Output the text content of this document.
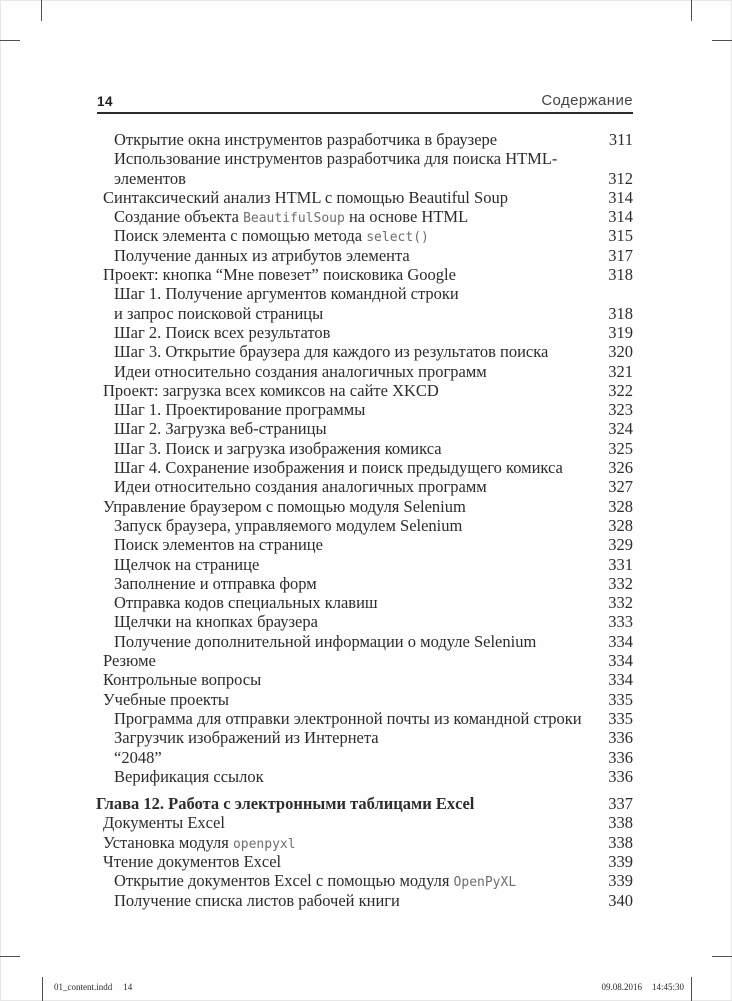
14	Содержание
Открытие окна инструментов разработчика в браузере	311
Использование инструментов разработчика для поиска HTML-
элементов	312
Синтаксический анализ HTML с помощью Beautiful Soup	314
Создание объекта BeautifulSoup на основе HTML	314
Поиск элемента с помощью метода select()	315
Получение данных из атрибутов элемента	317
Проект: кнопка “Мне повезет” поисковика Google	318
Шаг 1. Получение аргументов командной строки
и запрос поисковой страницы	318
Шаг 2. Поиск всех результатов	319
Шаг 3. Открытие браузера для каждого из результатов поиска	320
Идеи относительно создания аналогичных программ	321
Проект: загрузка всех комиксов на сайте XKCD	322
Шаг 1. Проектирование программы	323
Шаг 2. Загрузка веб-страницы	324
Шаг 3. Поиск и загрузка изображения комикса	325
Шаг 4. Сохранение изображения и поиск предыдущего комикса	326
Идеи относительно создания аналогичных программ	327
Управление браузером с помощью модуля Selenium	328
Запуск браузера, управляемого модулем Selenium	328
Поиск элементов на странице	329
Щелчок на странице	331
Заполнение и отправка форм	332
Отправка кодов специальных клавиш	332
Щелчки на кнопках браузера	333
Получение дополнительной информации о модуле Selenium	334
Резюме	334
Контрольные вопросы	334
Учебные проекты	335
Программа для отправки электронной почты из командной строки	335
Загрузчик изображений из Интернета	336
“2048”	336
Верификация ссылок	336
Глава 12. Работа с электронными таблицами Excel	337
Документы Excel	338
Установка модуля openpyxl	338
Чтение документов Excel	339
Открытие документов Excel с помощью модуля OpenPyXL	339
Получение списка листов рабочей книги	340
01_content.indd 14	09.08.2016 14:45:30
